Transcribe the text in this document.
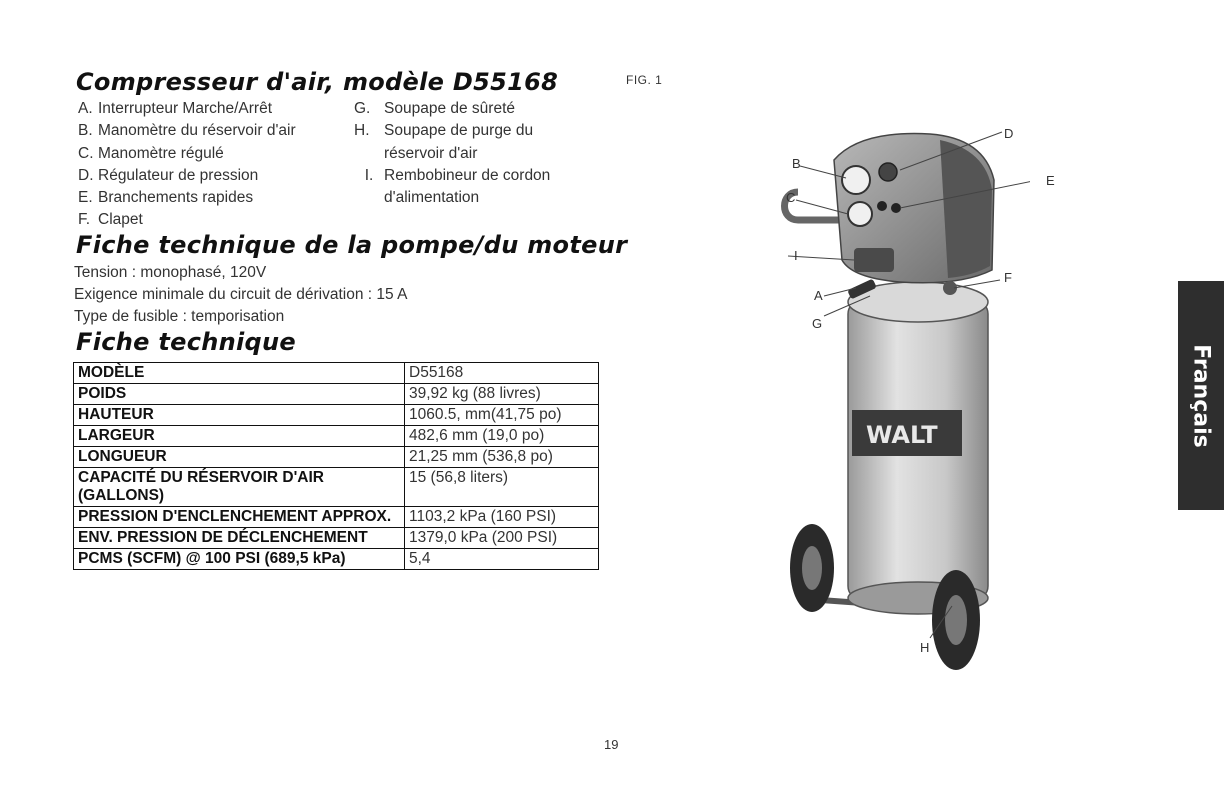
Compresseur d'air, modèle D55168
A. Interrupteur Marche/Arrêt
B. Manomètre du réservoir d'air
C. Manomètre régulé
D. Régulateur de pression
E. Branchements rapides
F. Clapet
G. Soupape de sûreté
H. Soupape de purge du
réservoir d'air
I. Rembobineur de cordon
d'alimentation
Fiche technique de la pompe/du moteur
Tension : monophasé, 120V
Exigence minimale du circuit de dérivation : 15 A
Type de fusible : temporisation
Fiche technique
MODÈLE	D55168
POIDS	39,92 kg (88 livres)
HAUTEUR	1060.5, mm(41,75 po)
LARGEUR	482,6 mm (19,0 po)
LONGUEUR	21,25 mm (536,8 po)
CAPACITÉ DU RÉSERVOIR D'AIR (GALLONS)	15 (56,8 liters)
PRESSION D'ENCLENCHEMENT APPROX.	1103,2 kPa (160 PSI)
ENV. PRESSION DE DÉCLENCHEMENT	1379,0 kPa (200 PSI)
PCMS (SCFM) @ 100 PSI (689,5 kPa)	5,4
FIG. 1
WALT
B
C
D
E
I
F
A
G
H
Français
19
